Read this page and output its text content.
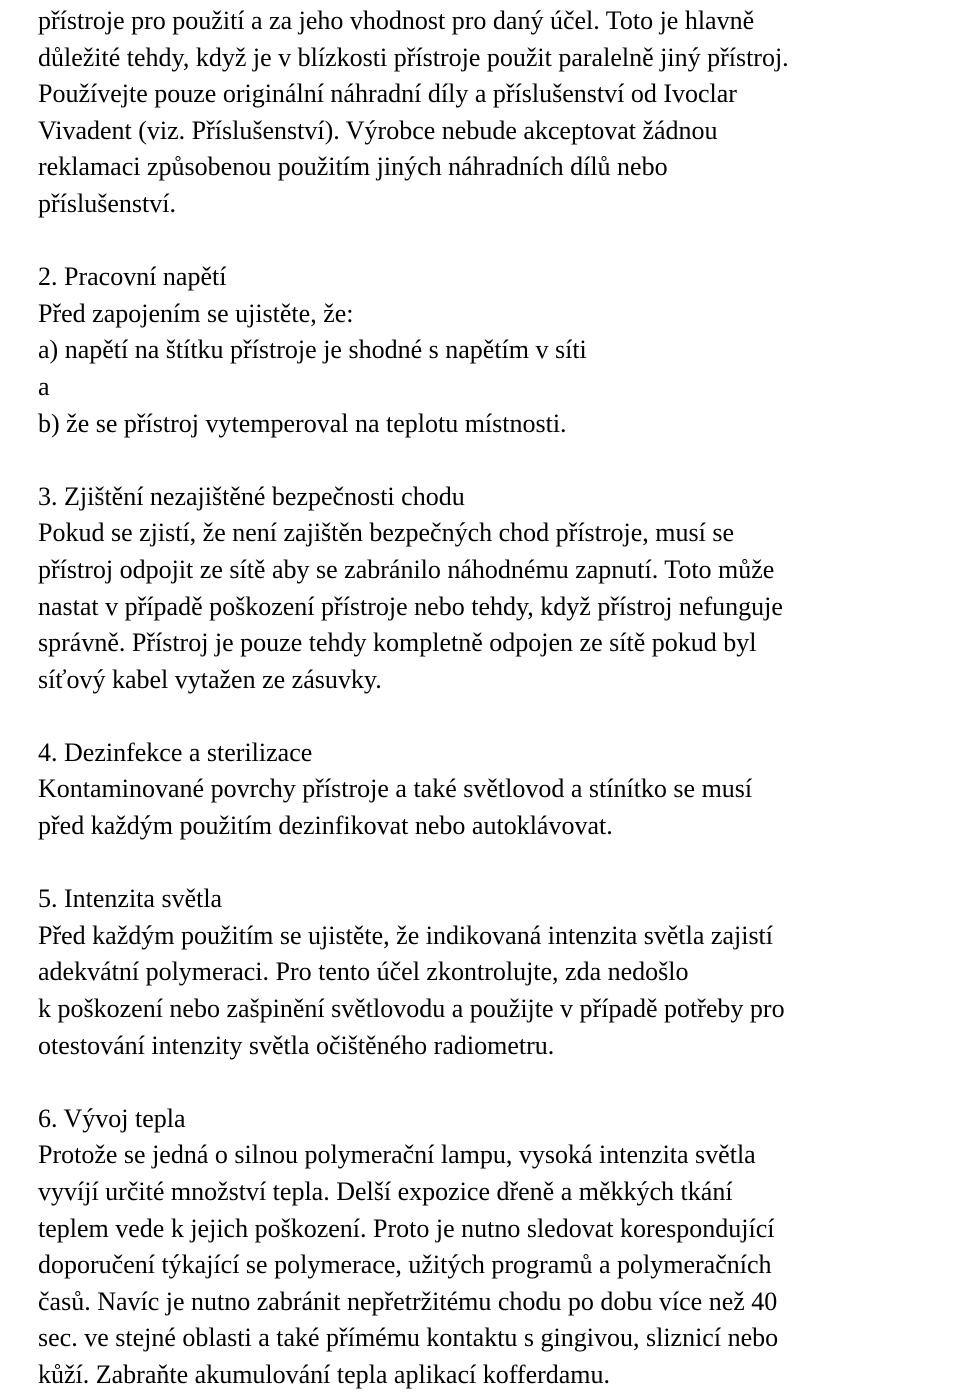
přístroje pro použití a za jeho vhodnost pro daný účel. Toto je hlavně
důležité tehdy, když je v blízkosti přístroje použit paralelně jiný přístroj.
Používejte pouze originální náhradní díly a příslušenství od Ivoclar
Vivadent (viz. Příslušenství). Výrobce nebude akceptovat žádnou
reklamaci způsobenou použitím jiných náhradních dílů nebo
příslušenství.
2. Pracovní napětí
Před zapojením se ujistěte, že:
a) napětí na štítku přístroje je shodné s napětím v síti
a
b) že se přístroj vytemperoval na teplotu místnosti.
3. Zjištění nezajištěné bezpečnosti chodu
Pokud se zjistí, že není zajištěn bezpečných chod přístroje, musí se
přístroj odpojit ze sítě aby se zabránilo náhodnému zapnutí. Toto může
nastat v případě poškození přístroje nebo tehdy, když přístroj nefunguje
správně. Přístroj je pouze tehdy kompletně odpojen ze sítě pokud byl
síťový kabel vytažen ze zásuvky.
4. Dezinfekce a sterilizace
Kontaminované povrchy přístroje a také světlovod a stínítko se musí
před každým použitím dezinfikovat nebo autoklávovat.
5. Intenzita světla
Před každým použitím se ujistěte, že indikovaná intenzita světla zajistí
adekvátní polymeraci. Pro tento účel zkontrolujte, zda nedošlo
k poškození nebo zašpinění světlovodu a použijte v případě potřeby pro
otestování intenzity světla očištěného radiometru.
6. Vývoj tepla
Protože se jedná o silnou polymerační lampu, vysoká intenzita světla
vyvíjí určité množství tepla. Delší expozice dřeně a měkkých tkání
teplem vede k jejich poškození. Proto je nutno sledovat korespondující
doporučení týkající se polymerace, užitých programů a polymeračních
časů. Navíc je nutno zabránit nepřetržitému chodu po dobu více než 40
sec. ve stejné oblasti a také přímému kontaktu s gingivou, sliznicí nebo
kůží. Zabraňte akumulování tepla aplikací kofferdamu.
